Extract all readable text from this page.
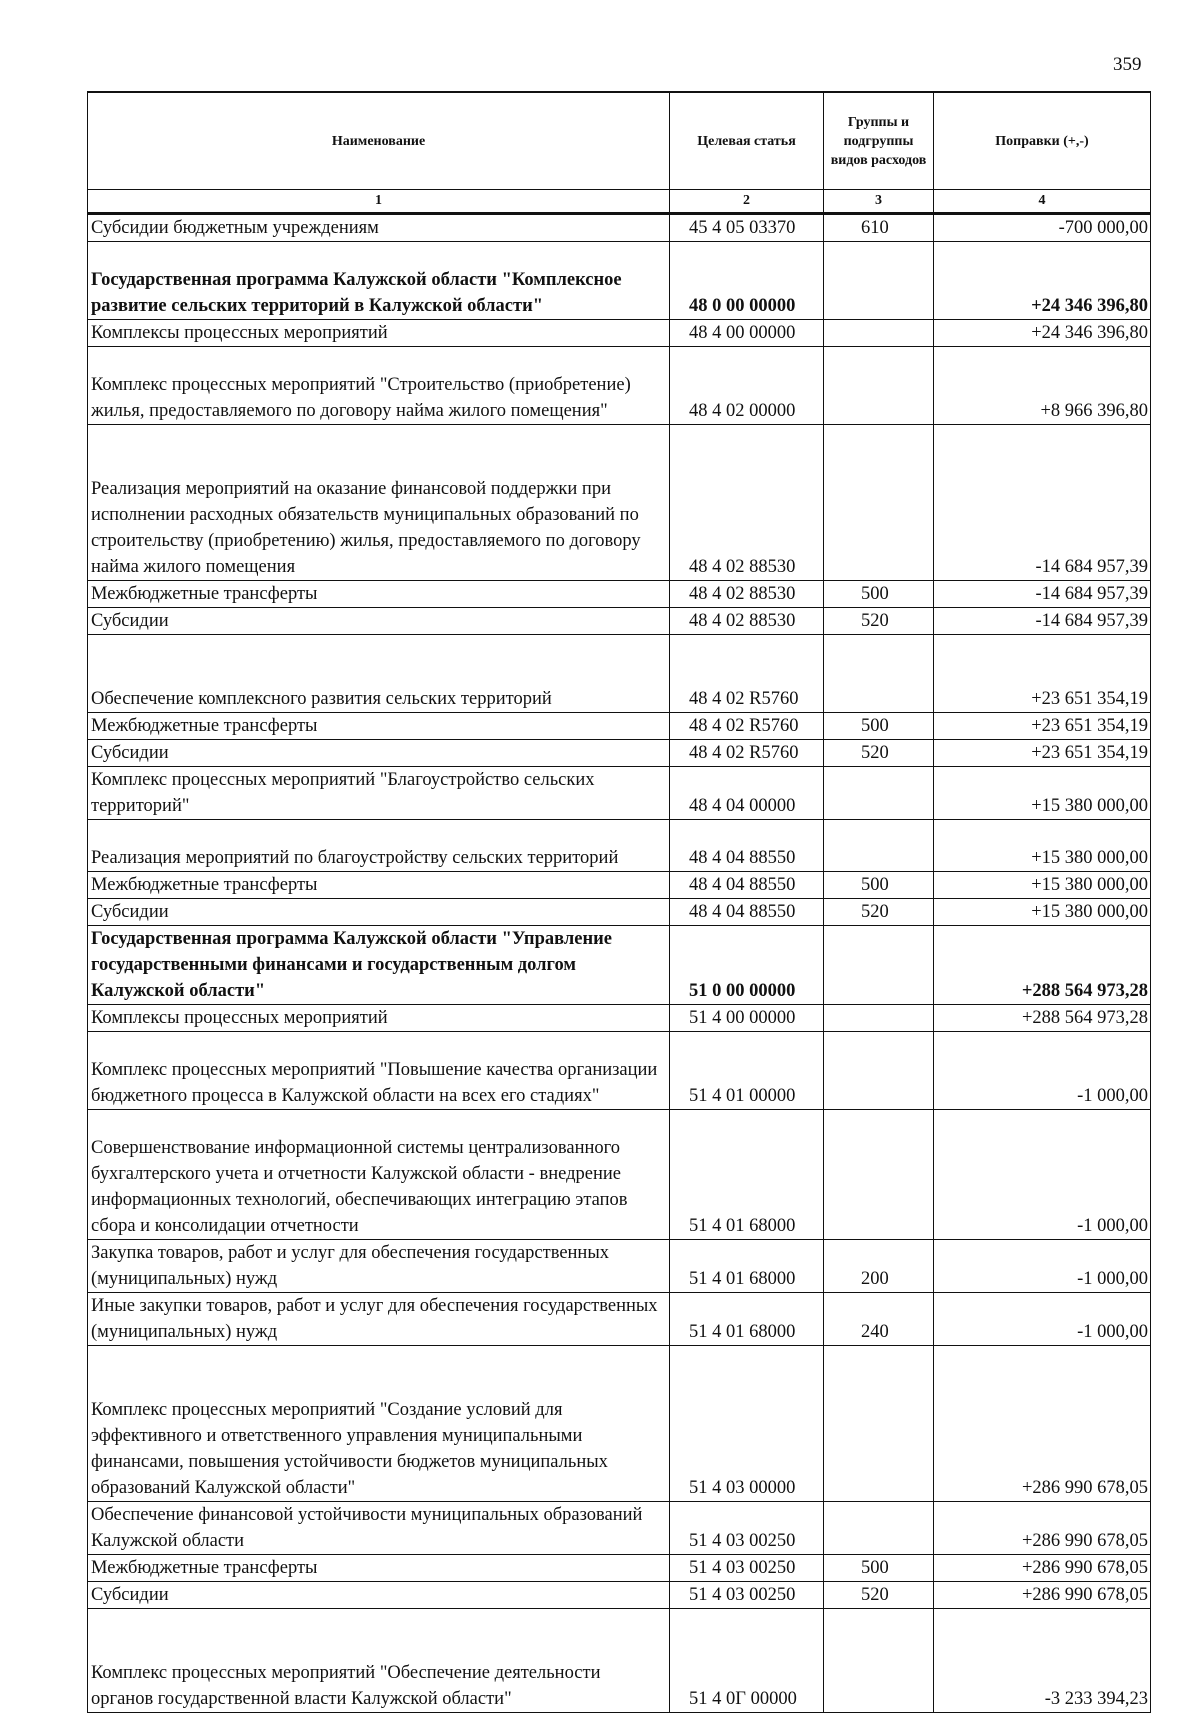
359
Наименование	Целевая статья	Группы и подгруппы видов расходов	Поправки (+,-)
1	2	3	4
Субсидии бюджетным учреждениям	45 4 05 03370	610	-700 000,00
Государственная программа Калужской области "Комплексное развитие сельских территорий в Калужской области"	48 0 00 00000		+24 346 396,80
Комплексы процессных мероприятий	48 4 00 00000		+24 346 396,80
Комплекс процессных мероприятий "Строительство (приобретение) жилья, предоставляемого по договору найма жилого помещения"	48 4 02 00000		+8 966 396,80
Реализация мероприятий на оказание финансовой поддержки при исполнении расходных обязательств муниципальных образований по строительству (приобретению) жилья, предоставляемого по договору найма жилого помещения	48 4 02 88530		-14 684 957,39
Межбюджетные трансферты	48 4 02 88530	500	-14 684 957,39
Субсидии	48 4 02 88530	520	-14 684 957,39
Обеспечение комплексного развития сельских территорий	48 4 02 R5760		+23 651 354,19
Межбюджетные трансферты	48 4 02 R5760	500	+23 651 354,19
Субсидии	48 4 02 R5760	520	+23 651 354,19
Комплекс процессных мероприятий "Благоустройство сельских территорий"	48 4 04 00000		+15 380 000,00
Реализация мероприятий по благоустройству сельских территорий	48 4 04 88550		+15 380 000,00
Межбюджетные трансферты	48 4 04 88550	500	+15 380 000,00
Субсидии	48 4 04 88550	520	+15 380 000,00
Государственная программа Калужской области "Управление государственными финансами и государственным долгом Калужской области"	51 0 00 00000		+288 564 973,28
Комплексы процессных мероприятий	51 4 00 00000		+288 564 973,28
Комплекс процессных мероприятий "Повышение качества организации бюджетного процесса в Калужской области на всех его стадиях"	51 4 01 00000		-1 000,00
Совершенствование информационной системы централизованного бухгалтерского учета и отчетности Калужской области - внедрение информационных технологий, обеспечивающих интеграцию этапов сбора и консолидации отчетности	51 4 01 68000		-1 000,00
Закупка товаров, работ и услуг для обеспечения государственных (муниципальных) нужд	51 4 01 68000	200	-1 000,00
Иные закупки товаров, работ и услуг для обеспечения государственных (муниципальных) нужд	51 4 01 68000	240	-1 000,00
Комплекс процессных мероприятий "Создание условий для эффективного и ответственного управления муниципальными финансами, повышения устойчивости бюджетов муниципальных образований Калужской области"	51 4 03 00000		+286 990 678,05
Обеспечение финансовой устойчивости муниципальных образований Калужской области	51 4 03 00250		+286 990 678,05
Межбюджетные трансферты	51 4 03 00250	500	+286 990 678,05
Субсидии	51 4 03 00250	520	+286 990 678,05
Комплекс процессных мероприятий "Обеспечение деятельности органов государственной власти Калужской области"	51 4 0Г 00000		-3 233 394,23
